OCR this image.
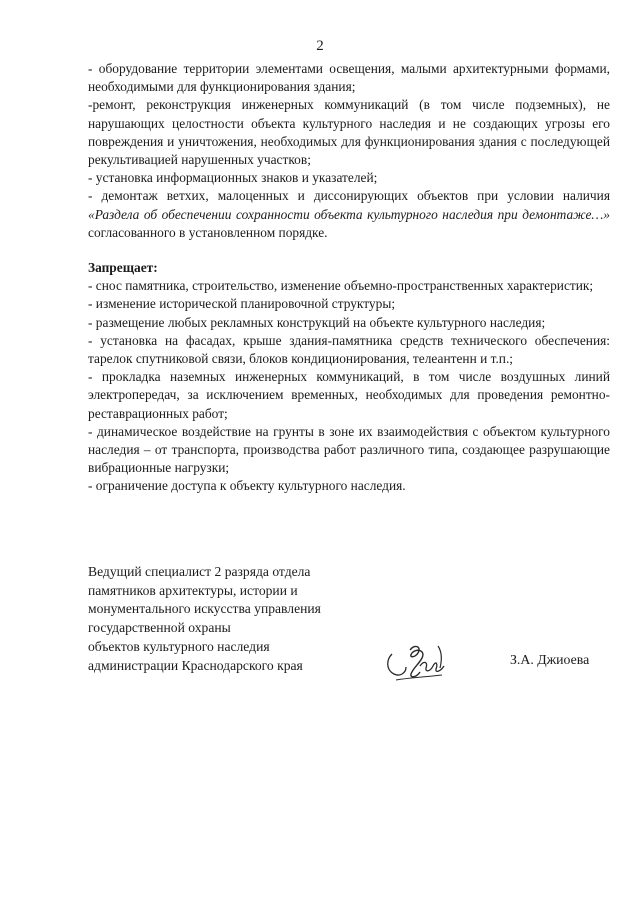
2

- оборудование территории элементами освещения, малыми архитектурными формами, необходимыми для функционирования здания;

-ремонт, реконструкция инженерных коммуникаций (в том числе подземных), не нарушающих целостности объекта культурного наследия и не создающих угрозы его повреждения и уничтожения, необходимых для функционирования здания с последующей рекультивацией нарушенных участков;

- установка информационных знаков и указателей;

- демонтаж ветхих, малоценных и диссонирующих объектов при условии наличия «Раздела об обеспечении сохранности объекта культурного наследия при демонтаже…» согласованного в установленном порядке.

Запрещает:

- снос памятника, строительство, изменение объемно-пространственных характеристик;

- изменение исторической планировочной структуры;

- размещение любых рекламных конструкций на объекте культурного наследия;

- установка на фасадах, крыше здания-памятника средств технического обеспечения: тарелок спутниковой связи, блоков кондиционирования, телеантенн и т.п.;

- прокладка наземных инженерных коммуникаций, в том числе воздушных линий электропередач, за исключением временных, необходимых для проведения ремонтно-реставрационных работ;

- динамическое воздействие на грунты в зоне их взаимодействия с объектом культурного наследия – от транспорта, производства работ различного типа, создающее разрушающие вибрационные нагрузки;

- ограничение доступа к объекту культурного наследия.

Ведущий специалист 2 разряда отдела
памятников архитектуры, истории и
монументального искусства управления
государственной охраны
объектов культурного наследия
администрации Краснодарского края	З.А. Джиоева
